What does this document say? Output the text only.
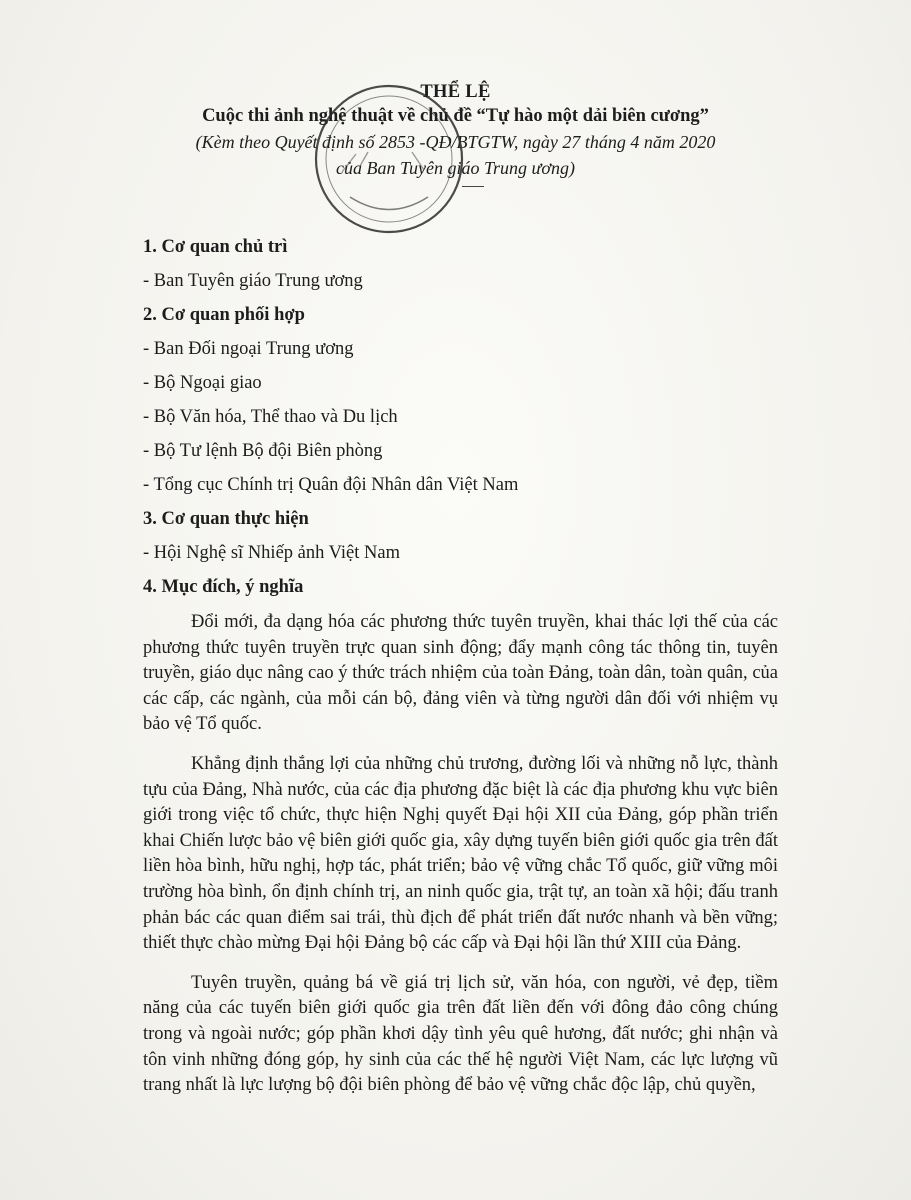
THỂ LỆ
Cuộc thi ảnh nghệ thuật về chủ đề “Tự hào một dải biên cương”
(Kèm theo Quyết định số 2853 -QĐ/BTGTW, ngày 27 tháng 4 năm 2020
của Ban Tuyên giáo Trung ương)
1. Cơ quan chủ trì
- Ban Tuyên giáo Trung ương
2. Cơ quan phối hợp
- Ban Đối ngoại Trung ương
- Bộ Ngoại giao
- Bộ Văn hóa, Thể thao và Du lịch
- Bộ Tư lệnh Bộ đội Biên phòng
- Tổng cục Chính trị Quân đội Nhân dân Việt Nam
3. Cơ quan thực hiện
- Hội Nghệ sĩ Nhiếp ảnh Việt Nam
4. Mục đích, ý nghĩa

Đổi mới, đa dạng hóa các phương thức tuyên truyền, khai thác lợi thế của các phương thức tuyên truyền trực quan sinh động; đẩy mạnh công tác thông tin, tuyên truyền, giáo dục nâng cao ý thức trách nhiệm của toàn Đảng, toàn dân, toàn quân, của các cấp, các ngành, của mỗi cán bộ, đảng viên và từng người dân đối với nhiệm vụ bảo vệ Tổ quốc.

Khẳng định thắng lợi của những chủ trương, đường lối và những nỗ lực, thành tựu của Đảng, Nhà nước, của các địa phương đặc biệt là các địa phương khu vực biên giới trong việc tổ chức, thực hiện Nghị quyết Đại hội XII của Đảng, góp phần triển khai Chiến lược bảo vệ biên giới quốc gia, xây dựng tuyến biên giới quốc gia trên đất liền hòa bình, hữu nghị, hợp tác, phát triển; bảo vệ vững chắc Tổ quốc, giữ vững môi trường hòa bình, ổn định chính trị, an ninh quốc gia, trật tự, an toàn xã hội; đấu tranh phản bác các quan điểm sai trái, thù địch để phát triển đất nước nhanh và bền vững; thiết thực chào mừng Đại hội Đảng bộ các cấp và Đại hội lần thứ XIII của Đảng.

Tuyên truyền, quảng bá về giá trị lịch sử, văn hóa, con người, vẻ đẹp, tiềm năng của các tuyến biên giới quốc gia trên đất liền đến với đông đảo công chúng trong và ngoài nước; góp phần khơi dậy tình yêu quê hương, đất nước; ghi nhận và tôn vinh những đóng góp, hy sinh của các thế hệ người Việt Nam, các lực lượng vũ trang nhất là lực lượng bộ đội biên phòng để bảo vệ vững chắc độc lập, chủ quyền,
